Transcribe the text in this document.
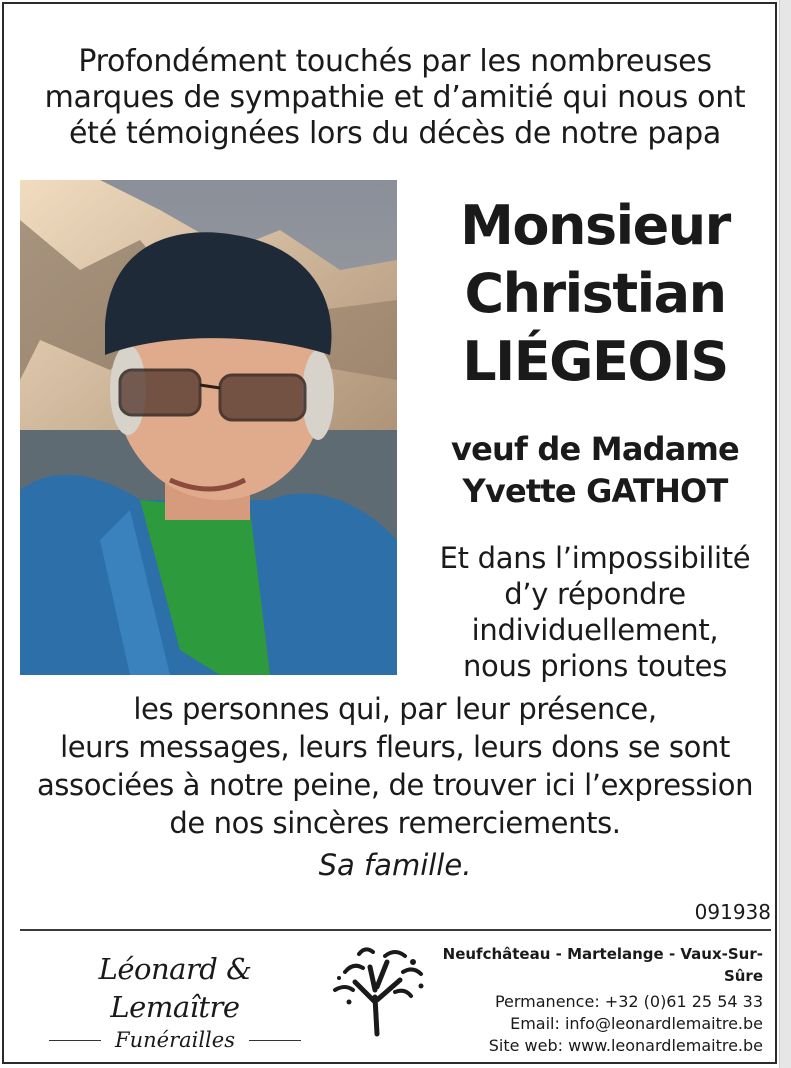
Profondément touchés par les nombreuses
marques de sympathie et d’amitié qui nous ont
été témoignées lors du décès de notre papa
Monsieur
Christian
LIÉGEOIS
veuf de Madame
Yvette GATHOT
Et dans l’impossibilité
d’y répondre
individuellement,
nous prions toutes
les personnes qui, par leur présence,
leurs messages, leurs fleurs, leurs dons se sont
associées à notre peine, de trouver ici l’expression
de nos sincères remerciements.
Sa famille.
091938
Léonard & Lemaître
Funérailles
Neufchâteau - Martelange - Vaux-Sur-Sûre
Permanence: +32 (0)61 25 54 33
Email: info@leonardlemaitre.be
Site web: www.leonardlemaitre.be
